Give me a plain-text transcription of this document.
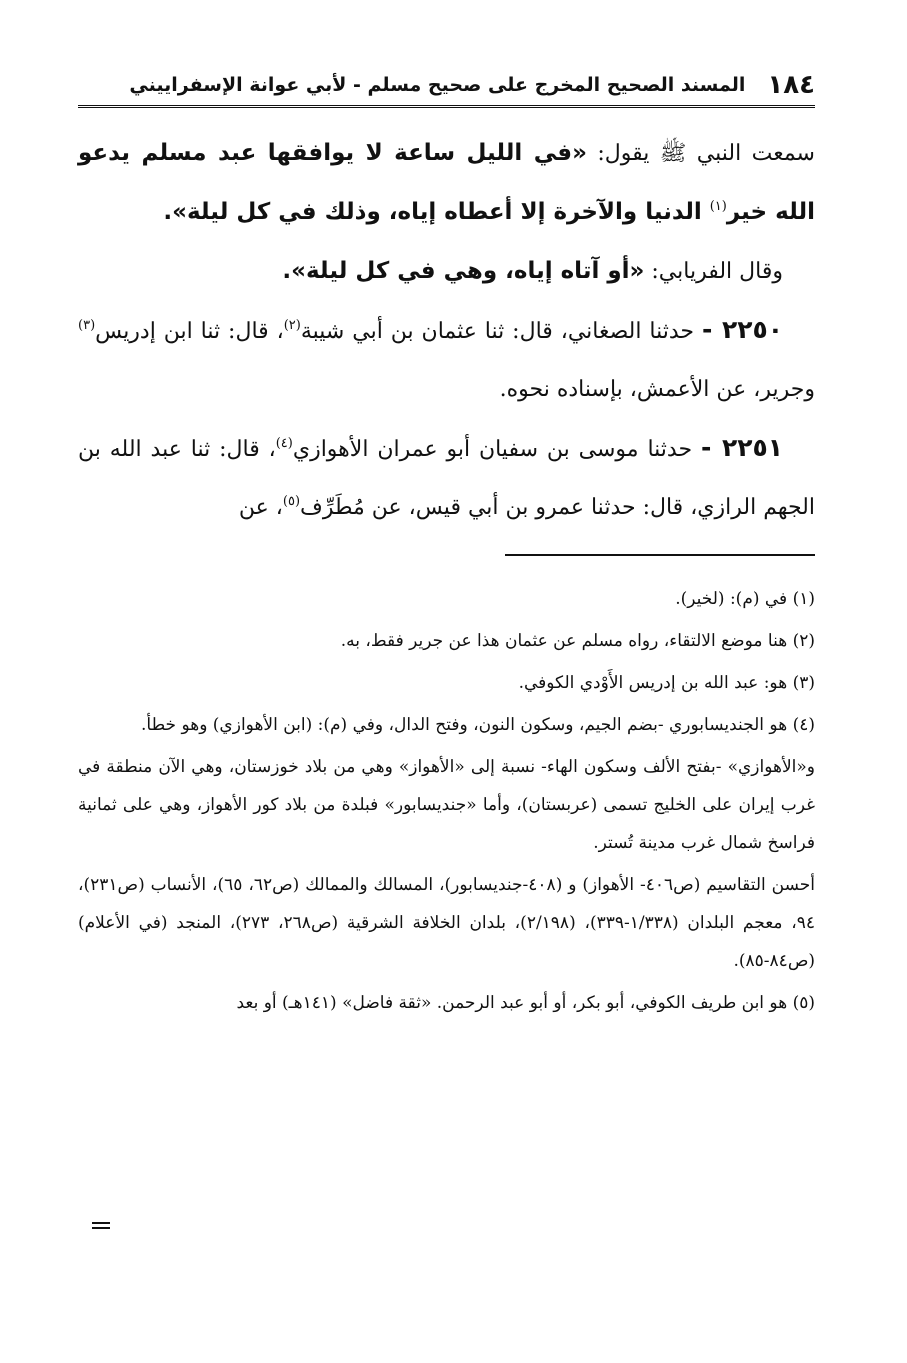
١٨٤
المسند الصحيح المخرج على صحيح مسلم - لأبي عوانة الإسفراييني

سمعت النبي ﷺ يقول: «في الليل ساعة لا يوافقها عبد مسلم يدعو الله خير$^{(١)}$ الدنيا والآخرة إلا أعطاه إياه، وذلك في كل ليلة».

وقال الفريابي: «أو آتاه إياه، وهي في كل ليلة».

٢٢٥٠ - حدثنا الصغاني، قال: ثنا عثمان بن أبي شيبة$^{(٢)}$، قال: ثنا ابن إدريس$^{(٣)}$ وجرير، عن الأعمش، بإسناده نحوه.

٢٢٥١ - حدثنا موسى بن سفيان أبو عمران الأهوازي$^{(٤)}$، قال: ثنا عبد الله بن الجهم الرازي، قال: حدثنا عمرو بن أبي قيس، عن مُطَرِّف$^{(٥)}$، عن

(١) في (م): (لخير).

(٢) هنا موضع الالتقاء، رواه مسلم عن عثمان هذا عن جرير فقط، به.

(٣) هو: عبد الله بن إدريس الأَوْدي الكوفي.

(٤) هو الجنديسابوري -بضم الجيم، وسكون النون، وفتح الدال، وفي (م): (ابن الأهوازي) وهو خطأ.

و«الأهوازي» -بفتح الألف وسكون الهاء- نسبة إلى «الأهواز» وهي من بلاد خوزستان، وهي الآن منطقة في غرب إيران على الخليج تسمى (عربستان)، وأما «جنديسابور» فبلدة من بلاد كور الأهواز، وهي على ثمانية فراسخ شمال غرب مدينة تُستر.

أحسن التقاسيم (ص٤٠٦- الأهواز) و (٤٠٨-جنديسابور)، المسالك والممالك (ص٦٢، ٦٥)، الأنساب (ص٢٣١)، ٩٤، معجم البلدان (١/٣٣٨-٣٣٩)، (٢/١٩٨)، بلدان الخلافة الشرقية (ص٢٦٨، ٢٧٣)، المنجد (في الأعلام) (ص٨٤-٨٥).

(٥) هو ابن طريف الكوفي، أبو بكر، أو أبو عبد الرحمن. «ثقة فاضل» (١٤١هـ) أو بعد
